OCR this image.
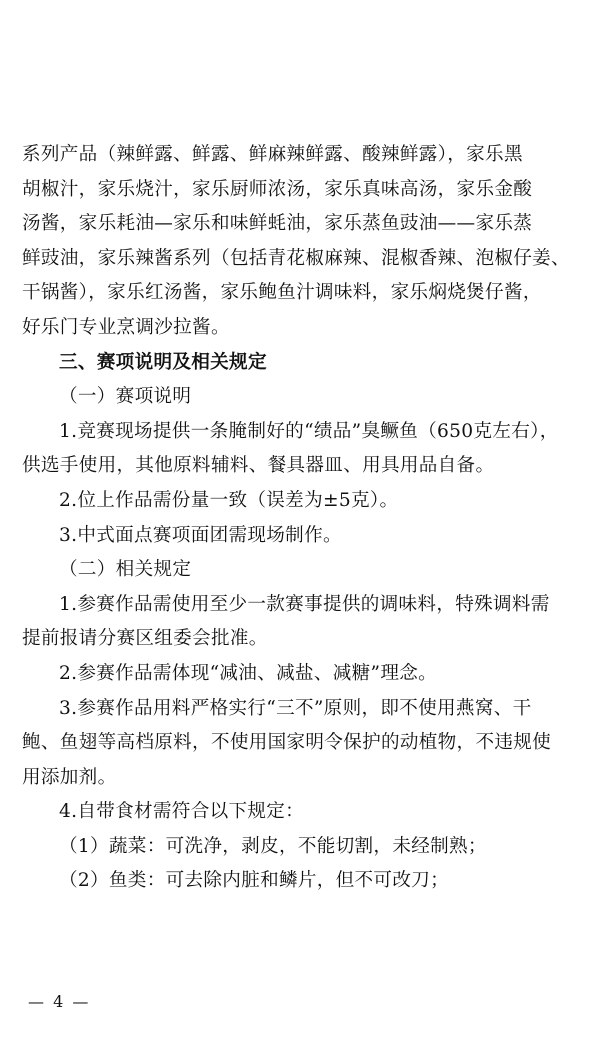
系列产品（辣鲜露、鲜露、鲜麻辣鲜露、酸辣鲜露），家乐黑
胡椒汁，家乐烧汁，家乐厨师浓汤，家乐真味高汤，家乐金酸
汤酱，家乐耗油—家乐和味鲜蚝油，家乐蒸鱼豉油——家乐蒸
鲜豉油，家乐辣酱系列（包括青花椒麻辣、混椒香辣、泡椒仔姜、
干锅酱），家乐红汤酱，家乐鲍鱼汁调味料，家乐焖烧煲仔酱，
好乐门专业烹调沙拉酱。
三、赛项说明及相关规定
（一）赛项说明
1.竞赛现场提供一条腌制好的“绩品”臭鳜鱼（650克左右），
供选手使用，其他原料辅料、餐具器皿、用具用品自备。
2.位上作品需份量一致（误差为±5克）。
3.中式面点赛项面团需现场制作。
（二）相关规定
1.参赛作品需使用至少一款赛事提供的调味料，特殊调料需
提前报请分赛区组委会批准。
2.参赛作品需体现“减油、减盐、减糖”理念。
3.参赛作品用料严格实行“三不”原则，即不使用燕窝、干
鲍、鱼翅等高档原料，不使用国家明令保护的动植物，不违规使
用添加剂。
4.自带食材需符合以下规定：
（1）蔬菜：可洗净，剥皮，不能切割，未经制熟；
（2）鱼类：可去除内脏和鳞片，但不可改刀；
— 4 —
